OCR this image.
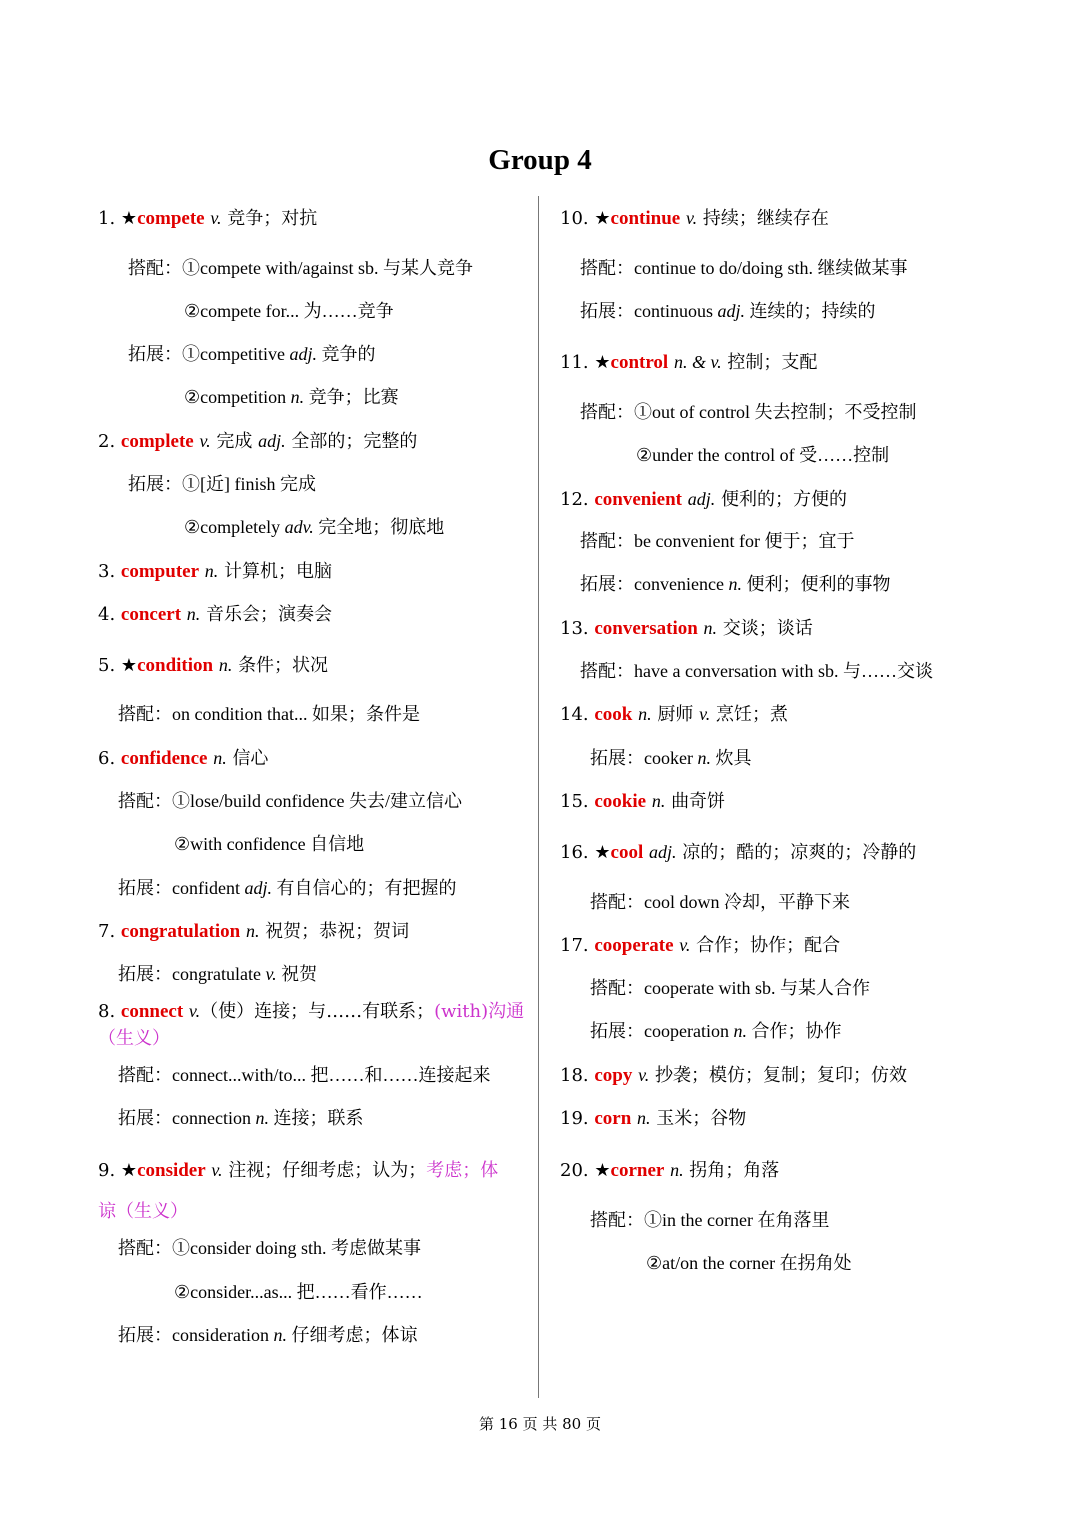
Group 4
1. ★compete v. 竞争；对抗
搭配：①compete with/against sb. 与某人竞争
②compete for... 为……竞争
拓展：①competitive adj. 竞争的
②competition n. 竞争；比赛
2. complete v. 完成 adj. 全部的；完整的
拓展：①[近] finish 完成
②completely adv. 完全地；彻底地
3. computer n. 计算机；电脑
4. concert n. 音乐会；演奏会
5. ★condition n. 条件；状况
搭配：on condition that... 如果；条件是
6. confidence n. 信心
搭配：①lose/build confidence 失去/建立信心
②with confidence 自信地
拓展：confident adj. 有自信心的；有把握的
7. congratulation n. 祝贺；恭祝；贺词
拓展：congratulate v. 祝贺
8. connect v.（使）连接；与……有联系；(with)沟通
（生义）
搭配：connect...with/to... 把……和……连接起来
拓展：connection n. 连接；联系
9. ★consider v. 注视；仔细考虑；认为；考虑；体
谅（生义）
搭配：①consider doing sth. 考虑做某事
②consider...as... 把……看作……
拓展：consideration n. 仔细考虑；体谅
10. ★continue v. 持续；继续存在
搭配：continue to do/doing sth. 继续做某事
拓展：continuous adj. 连续的；持续的
11. ★control n. & v. 控制；支配
搭配：①out of control 失去控制；不受控制
②under the control of 受……控制
12. convenient adj. 便利的；方便的
搭配：be convenient for 便于；宜于
拓展：convenience n. 便利；便利的事物
13. conversation n. 交谈；谈话
搭配：have a conversation with sb. 与……交谈
14. cook n. 厨师 v. 烹饪；煮
拓展：cooker n. 炊具
15. cookie n. 曲奇饼
16. ★cool adj. 凉的；酷的；凉爽的；冷静的
搭配：cool down 冷却，平静下来
17. cooperate v. 合作；协作；配合
搭配：cooperate with sb. 与某人合作
拓展：cooperation n. 合作；协作
18. copy v. 抄袭；模仿；复制；复印；仿效
19. corn n. 玉米；谷物
20. ★corner n. 拐角；角落
搭配：①in the corner 在角落里
②at/on the corner 在拐角处
第 16 页 共 80 页
